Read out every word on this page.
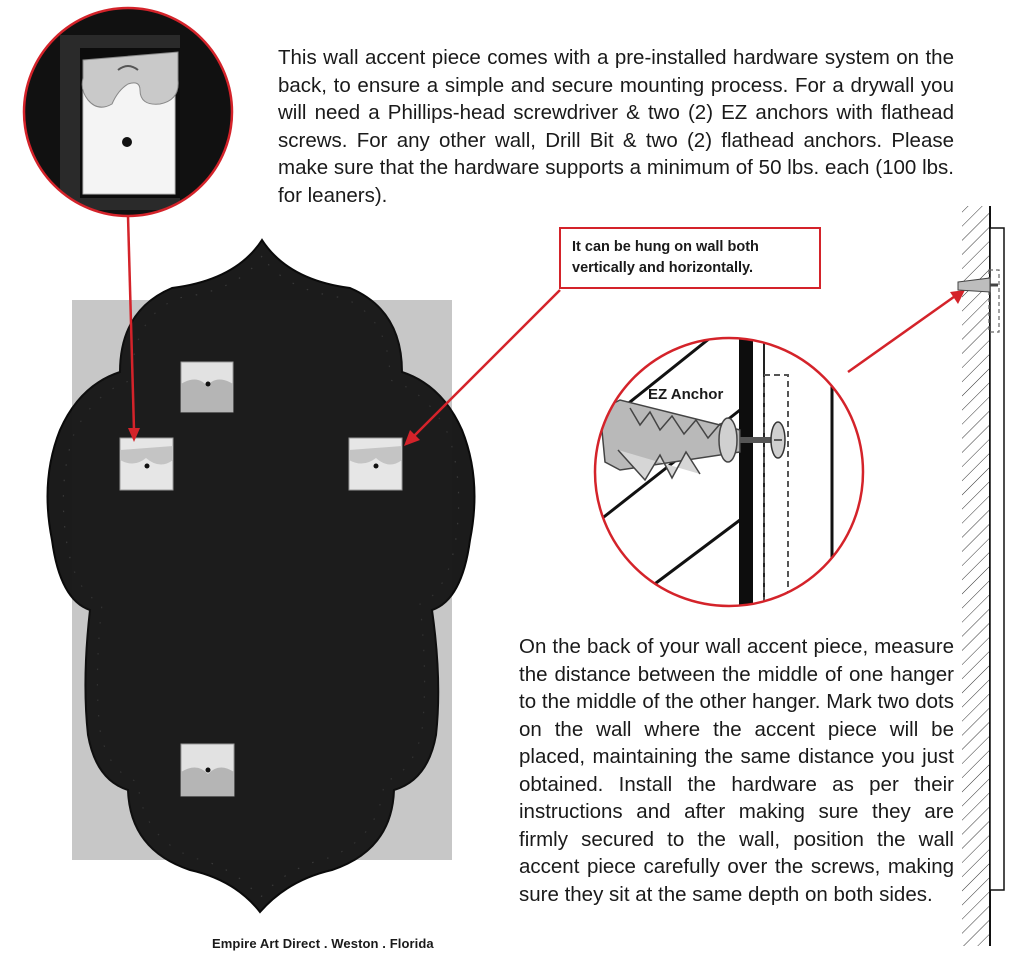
This wall accent piece comes with a pre-installed hardware system on the back, to ensure a simple and secure mounting process. For a drywall you will need a Phillips-head screwdriver & two (2) EZ anchors with flathead screws. For any other wall, Drill Bit & two (2) flathead anchors. Please make sure that the hardware supports a minimum of 50 lbs. each (100 lbs. for leaners).
It can be hung on wall both vertically and horizontally.
EZ Anchor
On the back of your wall accent piece, measure the distance between the middle of one hanger to the middle of the other hanger. Mark two dots on the wall where the accent piece will be placed, maintaining the same distance you just obtained. Install the hardware as per their instructions and after making sure they are firmly secured to the wall, position the wall accent piece carefully over the screws, making sure they sit at the same depth on both sides.
Empire Art Direct . Weston . Florida
